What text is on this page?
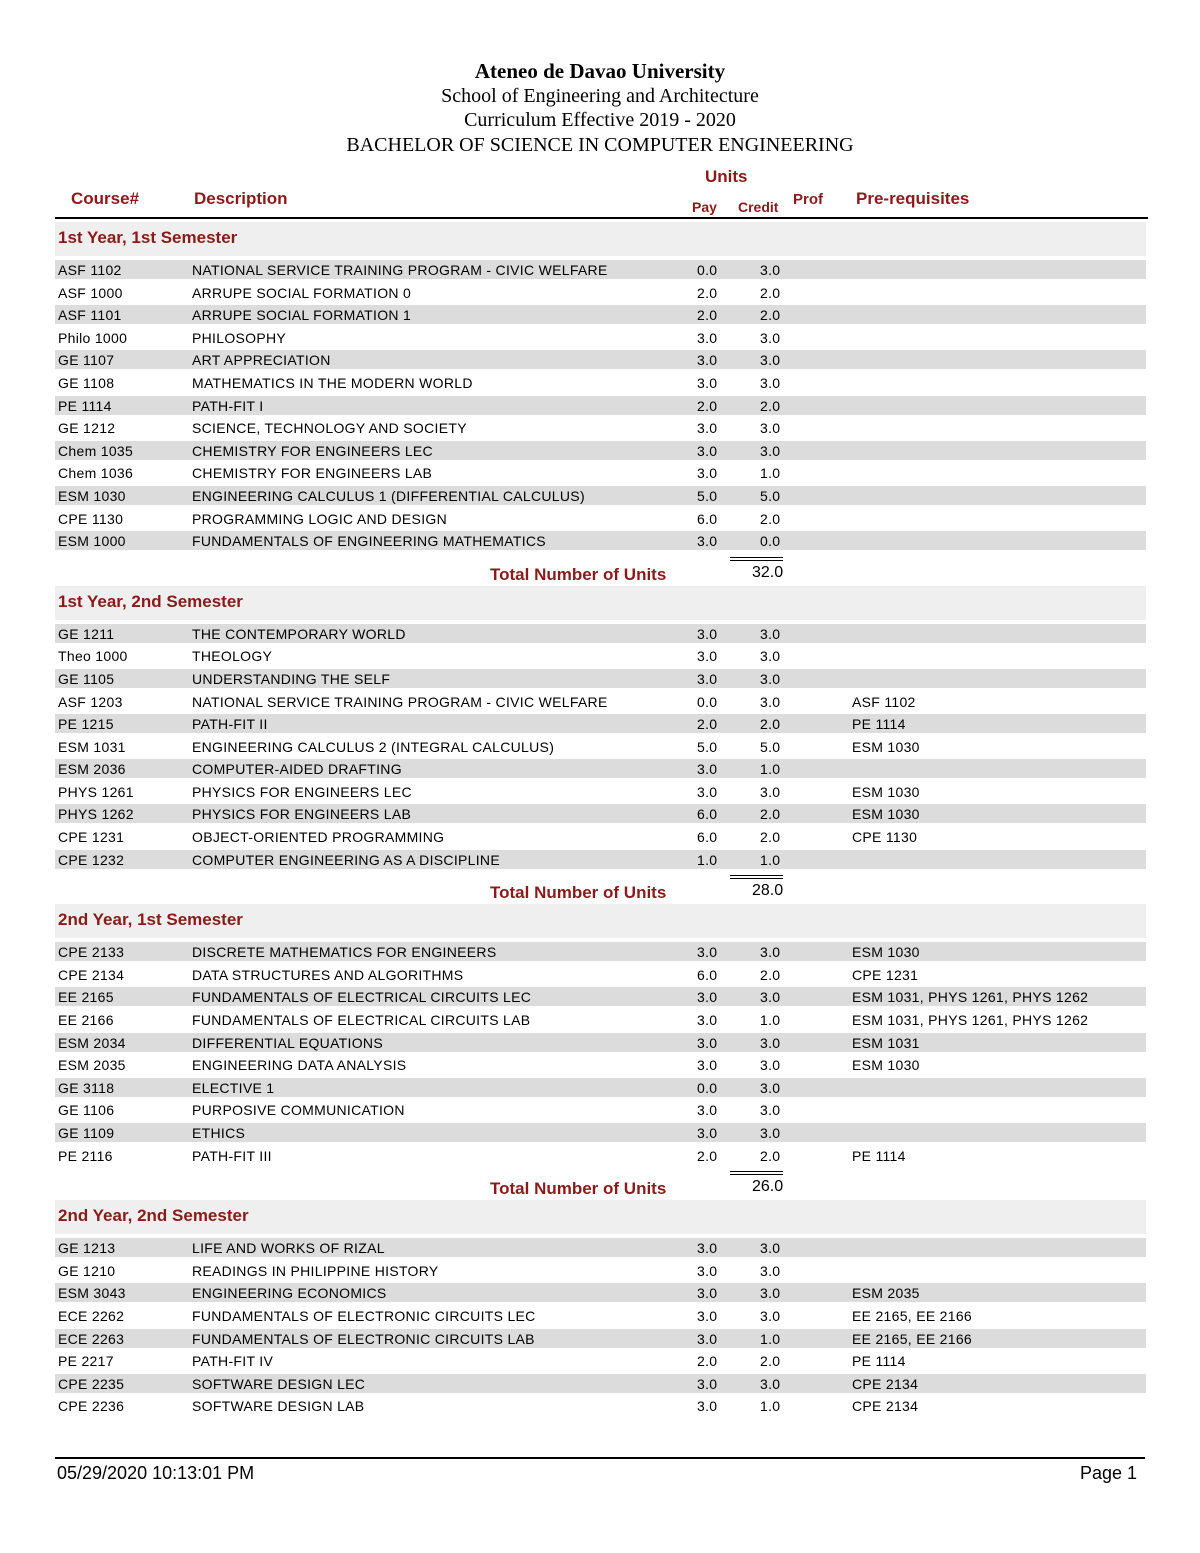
Ateneo de Davao University
School of Engineering and Architecture
Curriculum Effective 2019 - 2020
BACHELOR OF SCIENCE IN COMPUTER ENGINEERING
Course#	Description
Units
Pay Credit Prof Pre-requisites
1st Year, 1st Semester
ASF 1102	NATIONAL SERVICE TRAINING PROGRAM - CIVIC WELFARE	0.0	3.0
ASF 1000	ARRUPE SOCIAL FORMATION 0	2.0	2.0
ASF 1101	ARRUPE SOCIAL FORMATION 1	2.0	2.0
Philo 1000	PHILOSOPHY	3.0	3.0
GE 1107	ART APPRECIATION	3.0	3.0
GE 1108	MATHEMATICS IN THE MODERN WORLD	3.0	3.0
PE 1114	PATH-FIT I	2.0	2.0
GE 1212	SCIENCE, TECHNOLOGY AND SOCIETY	3.0	3.0
Chem 1035	CHEMISTRY FOR ENGINEERS LEC	3.0	3.0
Chem 1036	CHEMISTRY FOR ENGINEERS LAB	3.0	1.0
ESM 1030	ENGINEERING CALCULUS 1 (DIFFERENTIAL CALCULUS)	5.0	5.0
CPE 1130	PROGRAMMING LOGIC AND DESIGN	6.0	2.0
ESM 1000	FUNDAMENTALS OF ENGINEERING MATHEMATICS	3.0	0.0
Total Number of Units	32.0
1st Year, 2nd Semester
GE 1211	THE CONTEMPORARY WORLD	3.0	3.0
Theo 1000	THEOLOGY	3.0	3.0
GE 1105	UNDERSTANDING THE SELF	3.0	3.0
ASF 1203	NATIONAL SERVICE TRAINING PROGRAM - CIVIC WELFARE	0.0	3.0	ASF 1102
PE 1215	PATH-FIT II	2.0	2.0	PE 1114
ESM 1031	ENGINEERING CALCULUS 2 (INTEGRAL CALCULUS)	5.0	5.0	ESM 1030
ESM 2036	COMPUTER-AIDED DRAFTING	3.0	1.0
PHYS 1261	PHYSICS FOR ENGINEERS LEC	3.0	3.0	ESM 1030
PHYS 1262	PHYSICS FOR ENGINEERS LAB	6.0	2.0	ESM 1030
CPE 1231	OBJECT-ORIENTED PROGRAMMING	6.0	2.0	CPE 1130
CPE 1232	COMPUTER ENGINEERING AS A DISCIPLINE	1.0	1.0
Total Number of Units	28.0
2nd Year, 1st Semester
CPE 2133	DISCRETE MATHEMATICS FOR ENGINEERS	3.0	3.0	ESM 1030
CPE 2134	DATA STRUCTURES AND ALGORITHMS	6.0	2.0	CPE 1231
EE 2165	FUNDAMENTALS OF ELECTRICAL CIRCUITS LEC	3.0	3.0	ESM 1031, PHYS 1261, PHYS 1262
EE 2166	FUNDAMENTALS OF ELECTRICAL CIRCUITS LAB	3.0	1.0	ESM 1031, PHYS 1261, PHYS 1262
ESM 2034	DIFFERENTIAL EQUATIONS	3.0	3.0	ESM 1031
ESM 2035	ENGINEERING DATA ANALYSIS	3.0	3.0	ESM 1030
GE 3118	ELECTIVE 1	0.0	3.0
GE 1106	PURPOSIVE COMMUNICATION	3.0	3.0
GE 1109	ETHICS	3.0	3.0
PE 2116	PATH-FIT III	2.0	2.0	PE 1114
Total Number of Units	26.0
2nd Year, 2nd Semester
GE 1213	LIFE AND WORKS OF RIZAL	3.0	3.0
GE 1210	READINGS IN PHILIPPINE HISTORY	3.0	3.0
ESM 3043	ENGINEERING ECONOMICS	3.0	3.0	ESM 2035
ECE 2262	FUNDAMENTALS OF ELECTRONIC CIRCUITS LEC	3.0	3.0	EE 2165, EE 2166
ECE 2263	FUNDAMENTALS OF ELECTRONIC CIRCUITS LAB	3.0	1.0	EE 2165, EE 2166
PE 2217	PATH-FIT IV	2.0	2.0	PE 1114
CPE 2235	SOFTWARE DESIGN LEC	3.0	3.0	CPE 2134
CPE 2236	SOFTWARE DESIGN LAB	3.0	1.0	CPE 2134
05/29/2020 10:13:01 PM	Page 1
